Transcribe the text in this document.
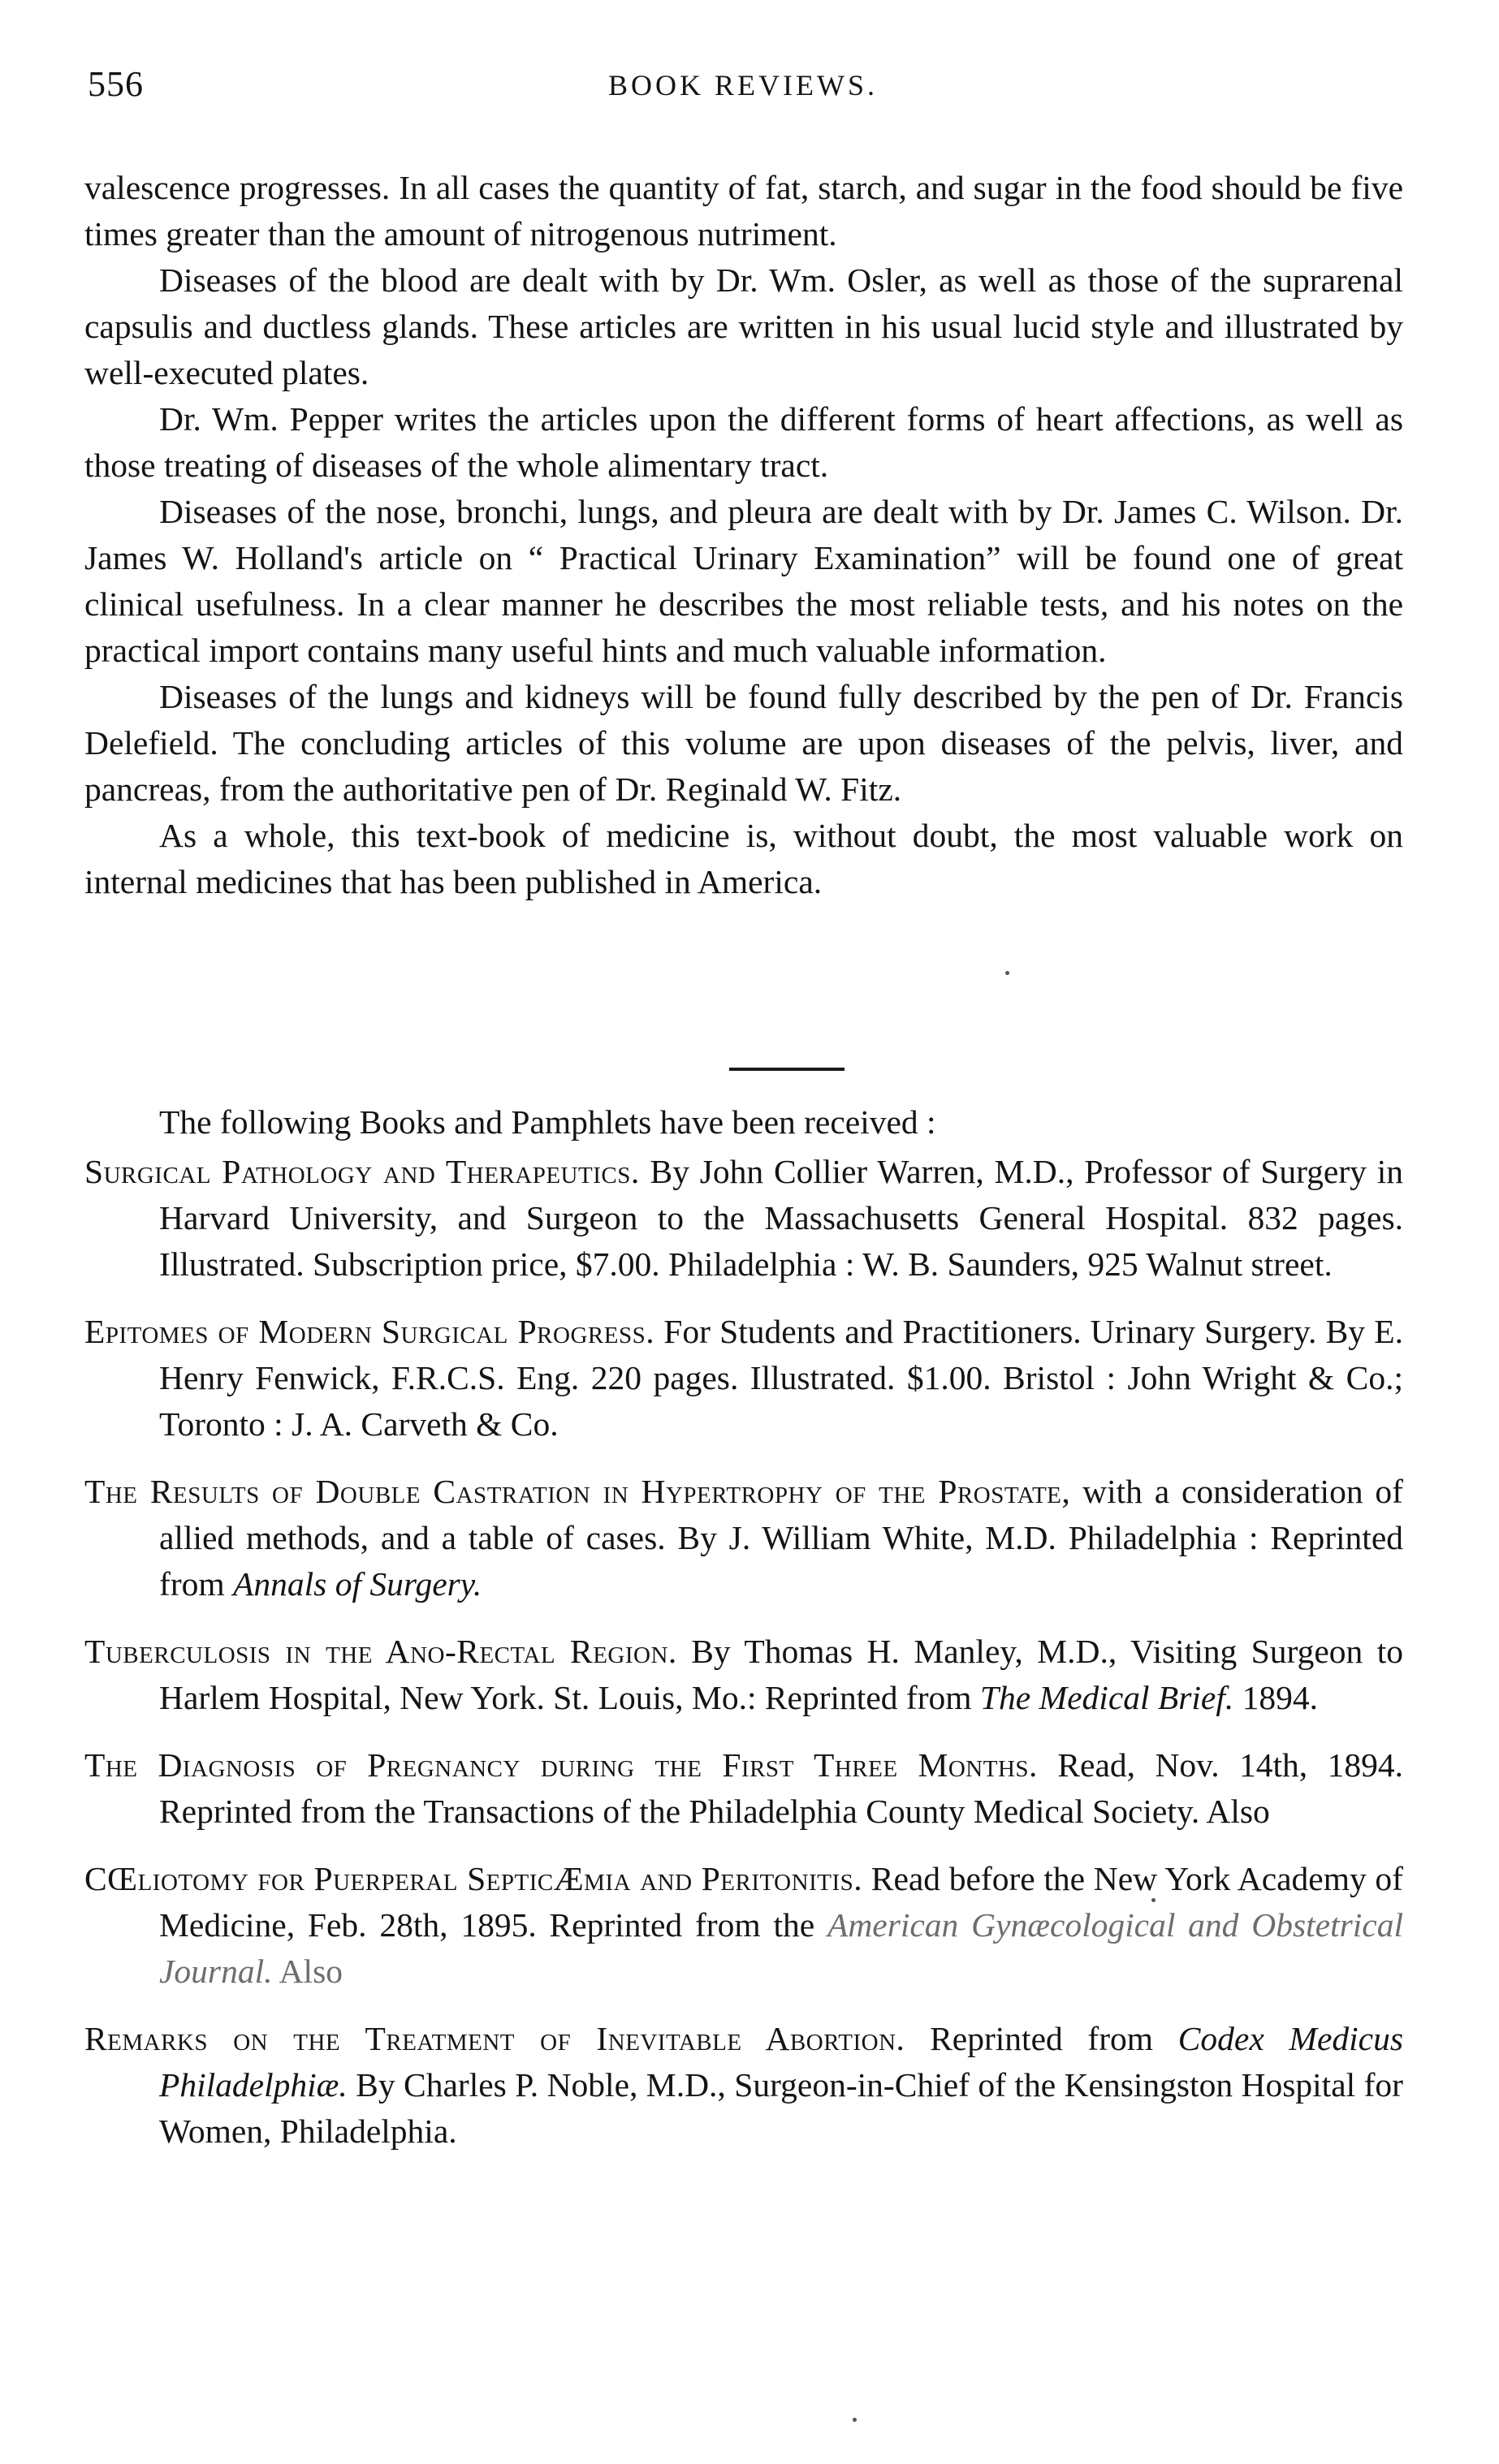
556	BOOK REVIEWS.

valescence progresses. In all cases the quantity of fat, starch, and sugar in the food should be five times greater than the amount of nitrogenous nutriment.

Diseases of the blood are dealt with by Dr. Wm. Osler, as well as those of the suprarenal capsulis and ductless glands. These articles are written in his usual lucid style and illustrated by well-executed plates.

Dr. Wm. Pepper writes the articles upon the different forms of heart affections, as well as those treating of diseases of the whole alimentary tract.

Diseases of the nose, bronchi, lungs, and pleura are dealt with by Dr. James C. Wilson. Dr. James W. Holland's article on “ Practical Urinary Examination” will be found one of great clinical usefulness. In a clear manner he describes the most reliable tests, and his notes on the practical import contains many useful hints and much valuable information.

Diseases of the lungs and kidneys will be found fully described by the pen of Dr. Francis Delefield. The concluding articles of this volume are upon diseases of the pelvis, liver, and pancreas, from the authoritative pen of Dr. Reginald W. Fitz.

As a whole, this text-book of medicine is, without doubt, the most valuable work on internal medicines that has been published in America.

The following Books and Pamphlets have been received :

Surgical Pathology and Therapeutics. By John Collier Warren, M.D., Professor of Surgery in Harvard University, and Surgeon to the Massachusetts General Hospital. 832 pages. Illustrated. Subscription price, $7.00. Philadelphia : W. B. Saunders, 925 Walnut street.

Epitomes of Modern Surgical Progress. For Students and Practitioners. Urinary Surgery. By E. Henry Fenwick, F.R.C.S. Eng. 220 pages. Illustrated. $1.00. Bristol : John Wright & Co.; Toronto : J. A. Carveth & Co.

The Results of Double Castration in Hypertrophy of the Prostate, with a consideration of allied methods, and a table of cases. By J. William White, M.D. Philadelphia : Reprinted from Annals of Surgery.

Tuberculosis in the Ano-Rectal Region. By Thomas H. Manley, M.D., Visiting Surgeon to Harlem Hospital, New York. St. Louis, Mo.: Reprinted from The Medical Brief. 1894.

The Diagnosis of Pregnancy during the First Three Months. Read, Nov. 14th, 1894. Reprinted from the Transactions of the Philadelphia County Medical Society. Also

CŒliotomy for Puerperal SepticÆmia and Peritonitis. Read before the New York Academy of Medicine, Feb. 28th, 1895. Reprinted from the American Gynæcological and Obstetrical Journal. Also

Remarks on the Treatment of Inevitable Abortion. Reprinted from Codex Medicus Philadelphiæ. By Charles P. Noble, M.D., Surgeon-in-Chief of the Kensingston Hospital for Women, Philadelphia.
